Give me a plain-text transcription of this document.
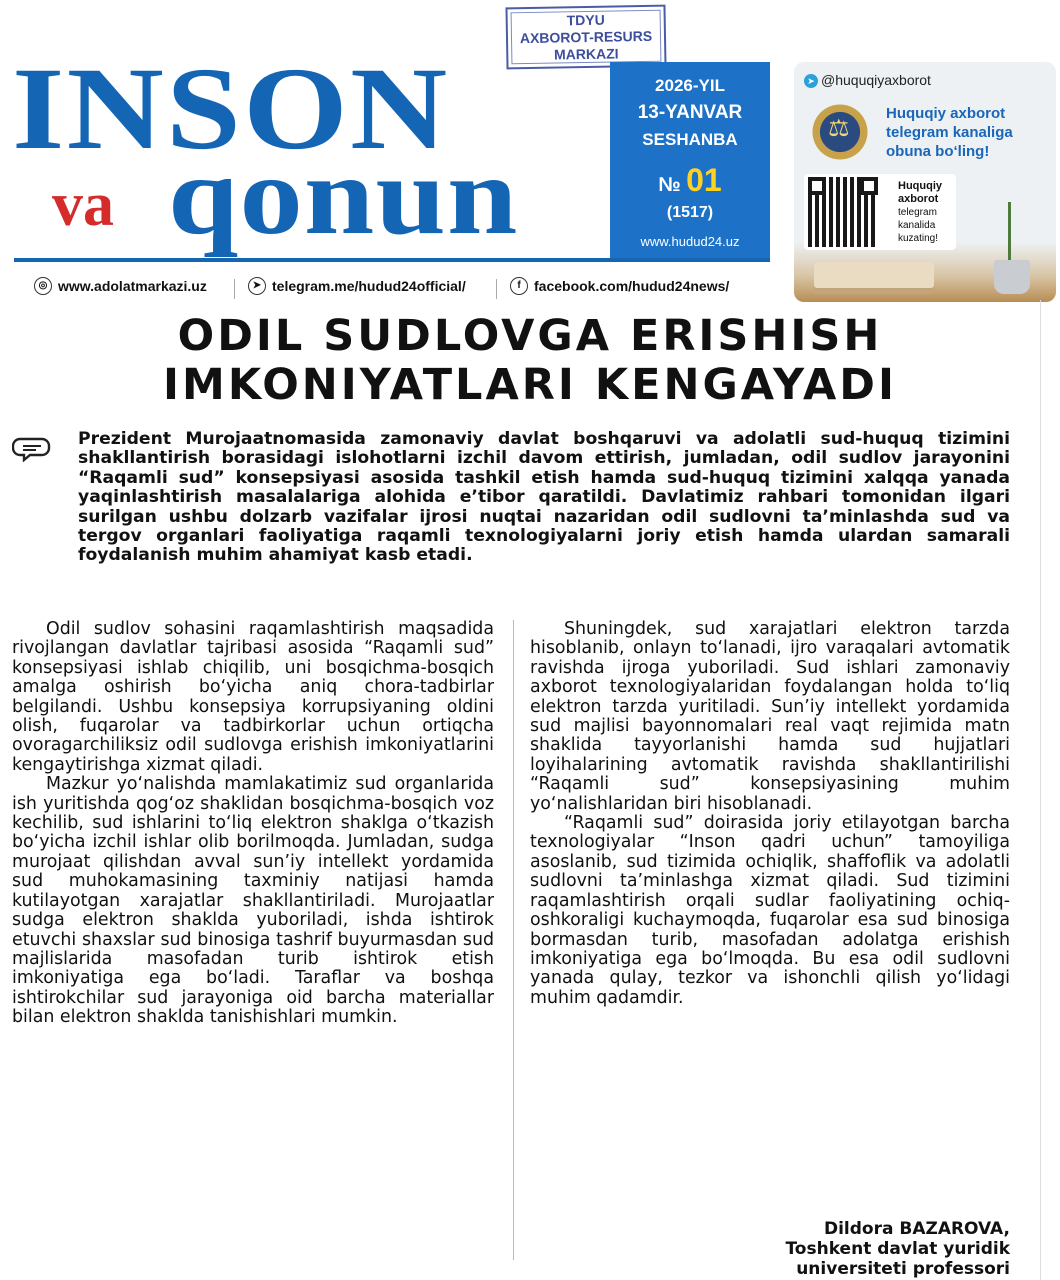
TDYU
AXBOROT-RESURS
MARKAZI
INSON
va qonun
2026-YIL
13-YANVAR
SESHANBA
№ 01
(1517)
www.hudud24.uz
➤ @huquqiyaxborot
⚖
Huquqiy axborot telegram kanaliga obuna bo‘ling!
Huquqiy axborot
telegram kanalida kuzating!
◎ www.adolatmarkazi.uz	➤ telegram.me/hudud24official/	f facebook.com/hudud24news/
ODIL SUDLOVGA ERISHISH
IMKONIYATLARI KENGAYADI
Prezident Murojaatnomasida zamonaviy davlat boshqaruvi va adolatli sud-huquq tizimini shakllantirish borasidagi islohotlarni izchil davom ettirish, jumladan, odil sudlov jarayonini “Raqamli sud” konsepsiyasi asosida tashkil etish hamda sud-huquq tizimini xalqqa yanada yaqinlashtirish masalalariga alohida e’tibor qaratildi. Davlatimiz rahbari tomonidan ilgari surilgan ushbu dolzarb vazifalar ijrosi nuqtai nazaridan odil sudlovni ta’minlashda sud va tergov organlari faoliyatiga raqamli texnologiyalarni joriy etish hamda ulardan samarali foydalanish muhim ahamiyat kasb etadi.

Odil sudlov sohasini raqamlashtirish maqsadida rivojlangan davlatlar tajribasi asosida “Raqamli sud” konsepsiyasi ishlab chiqilib, uni bosqichma-bosqich amalga oshirish bo‘yicha aniq chora-tadbirlar belgilandi. Ushbu konsepsiya korrupsiyaning oldini olish, fuqarolar va tadbirkorlar uchun ortiqcha ovoragarchiliksiz odil sudlovga erishish imkoniyatlarini kengaytirishga xizmat qiladi.

Mazkur yo‘nalishda mamlakatimiz sud organlarida ish yuritishda qog‘oz shaklidan bosqichma-bosqich voz kechilib, sud ishlarini to‘liq elektron shaklga o‘tkazish bo‘yicha izchil ishlar olib borilmoqda. Jumladan, sudga murojaat qilishdan avval sun’iy intellekt yordamida sud muhokamasining taxminiy natijasi hamda kutilayotgan xarajatlar shakllantiriladi. Murojaatlar sudga elektron shaklda yuboriladi, ishda ishtirok etuvchi shaxslar sud binosiga tashrif buyurmasdan sud majlislarida masofadan turib ishtirok etish imkoniyatiga ega bo‘ladi. Taraflar va boshqa ishtirokchilar sud jarayoniga oid barcha materiallar bilan elektron shaklda tanishishlari mumkin.

Shuningdek, sud xarajatlari elektron tarzda hisoblanib, onlayn to‘lanadi, ijro varaqalari avtomatik ravishda ijroga yuboriladi. Sud ishlari zamonaviy axborot texnologiyalaridan foydalangan holda to‘liq elektron tarzda yuritiladi. Sun’iy intellekt yordamida sud majlisi bayonnomalari real vaqt rejimida matn shaklida tayyorlanishi hamda sud hujjatlari loyihalarining avtomatik ravishda shakllantirilishi “Raqamli sud” konsepsiyasining muhim yo‘nalishlaridan biri hisoblanadi.

“Raqamli sud” doirasida joriy etilayotgan barcha texnologiyalar “Inson qadri uchun” tamoyiliga asoslanib, sud tizimida ochiqlik, shaffoflik va adolatli sudlovni ta’minlashga xizmat qiladi. Sud tizimini raqamlashtirish orqali sudlar faoliyatining ochiq-oshkoraligi kuchaymoqda, fuqarolar esa sud binosiga bormasdan turib, masofadan adolatga erishish imkoniyatiga ega bo‘lmoqda. Bu esa odil sudlovni yanada qulay, tezkor va ishonchli qilish yo‘lidagi muhim qadamdir.

Dildora BAZAROVA,
Toshkent davlat yuridik
universiteti professori
